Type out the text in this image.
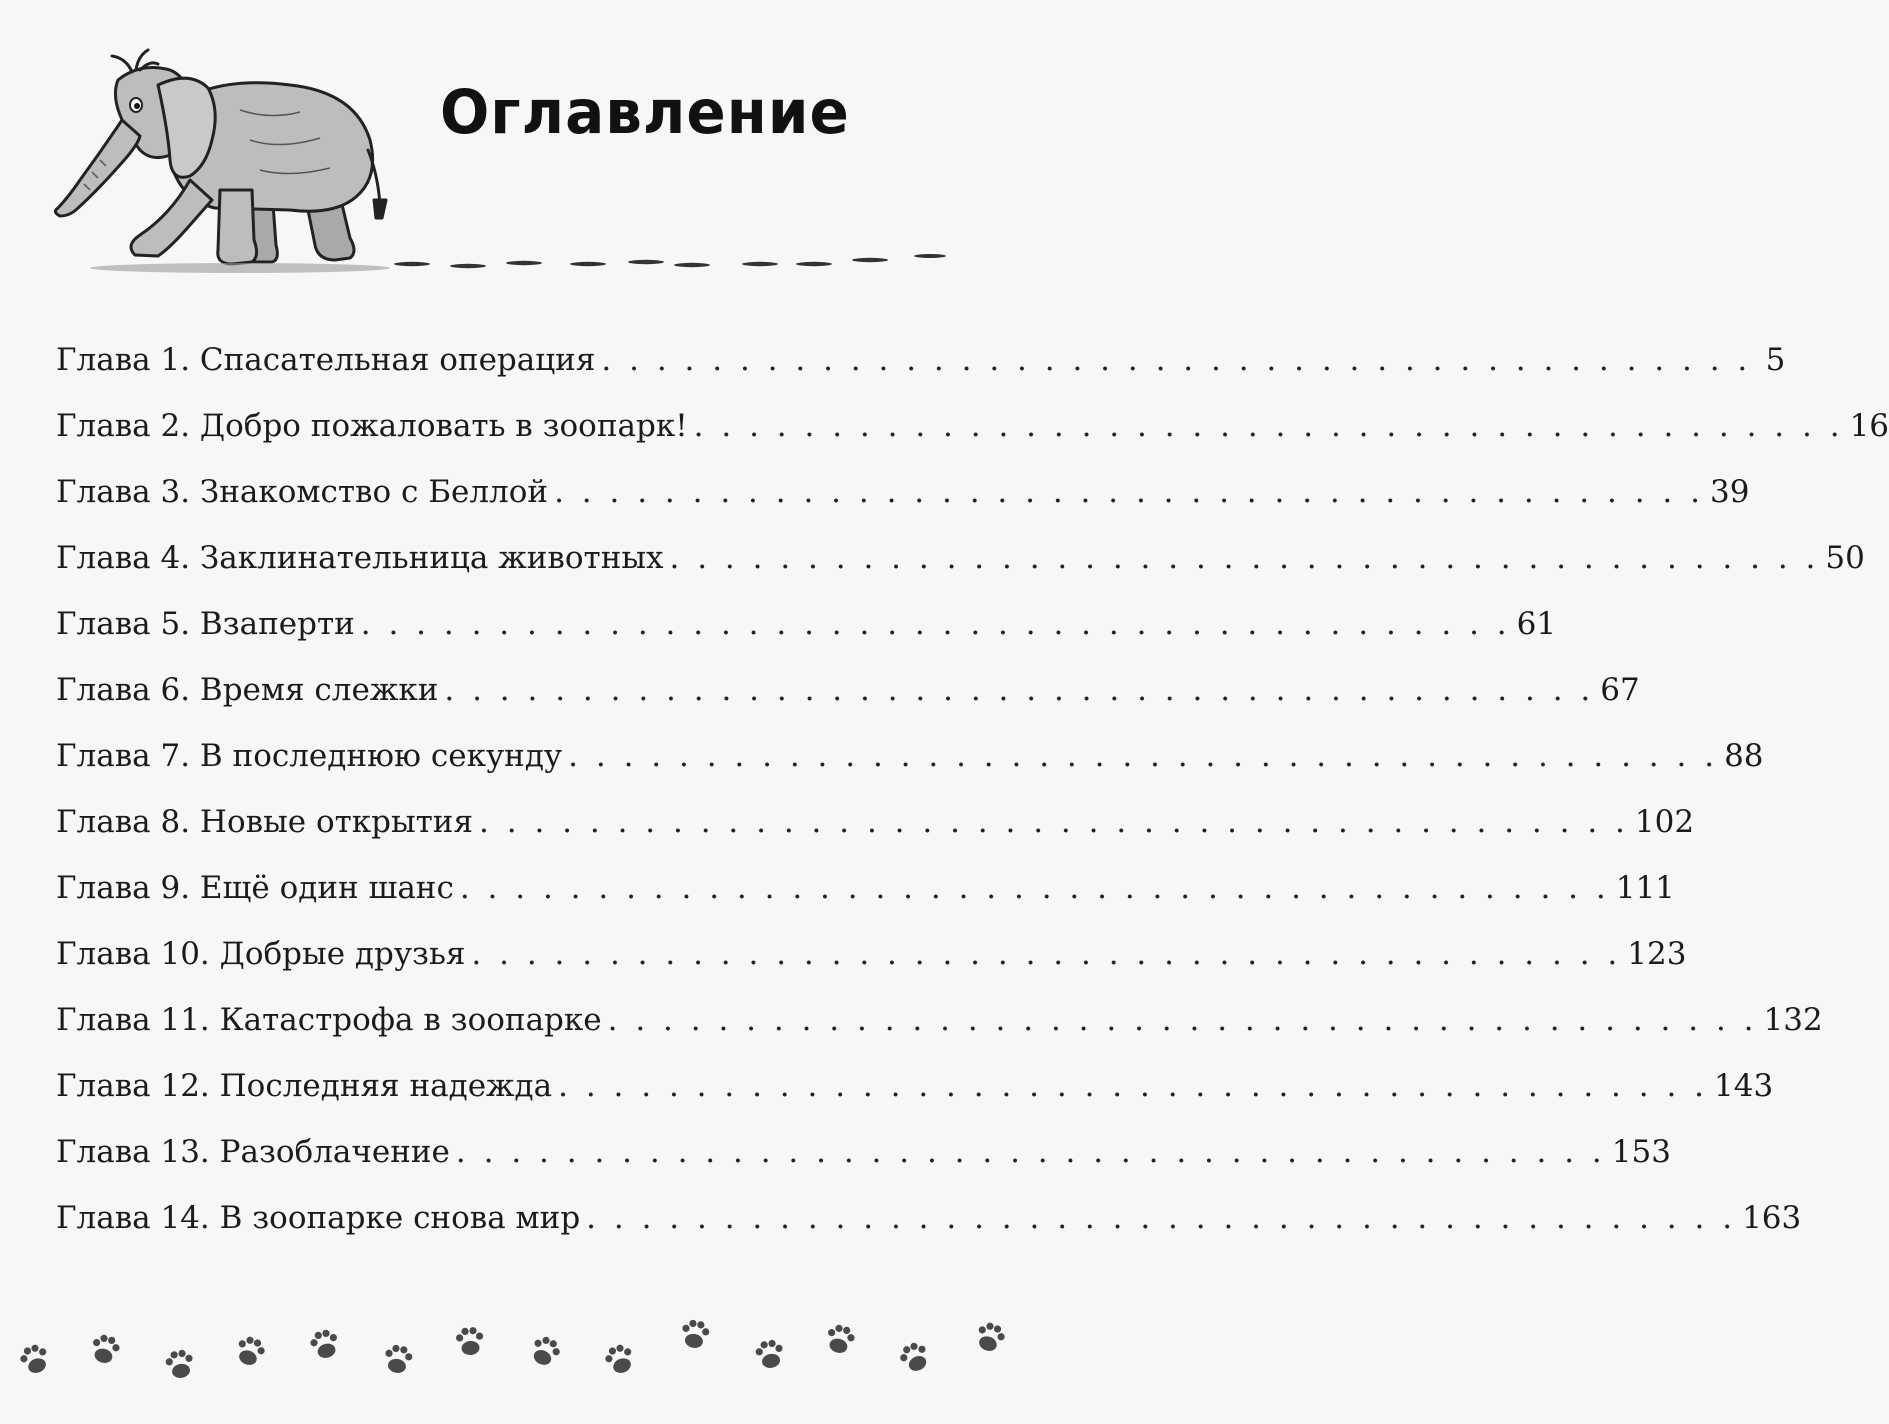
Оглавление
Глава 1. Спасательная операция . . . . . . . . . . . . . . . . . . . . . . . . . . . . . . . . . . . . . . . . . . 5
Глава 2. Добро пожаловать в зоопарк! . . . . . . . . . . . . . . . . . . . . . . . . . . . . . . . . . . . . . . . . . . 16
Глава 3. Знакомство с Беллой . . . . . . . . . . . . . . . . . . . . . . . . . . . . . . . . . . . . . . . . . . 39
Глава 4. Заклинательница животных . . . . . . . . . . . . . . . . . . . . . . . . . . . . . . . . . . . . . . . . . . 50
Глава 5. Взаперти . . . . . . . . . . . . . . . . . . . . . . . . . . . . . . . . . . . . . . . . . . 61
Глава 6. Время слежки . . . . . . . . . . . . . . . . . . . . . . . . . . . . . . . . . . . . . . . . . . 67
Глава 7. В последнюю секунду . . . . . . . . . . . . . . . . . . . . . . . . . . . . . . . . . . . . . . . . . . 88
Глава 8. Новые открытия . . . . . . . . . . . . . . . . . . . . . . . . . . . . . . . . . . . . . . . . . . 102
Глава 9. Ещё один шанс . . . . . . . . . . . . . . . . . . . . . . . . . . . . . . . . . . . . . . . . . . 111
Глава 10. Добрые друзья . . . . . . . . . . . . . . . . . . . . . . . . . . . . . . . . . . . . . . . . . . 123
Глава 11. Катастрофа в зоопарке . . . . . . . . . . . . . . . . . . . . . . . . . . . . . . . . . . . . . . . . . . 132
Глава 12. Последняя надежда . . . . . . . . . . . . . . . . . . . . . . . . . . . . . . . . . . . . . . . . . . 143
Глава 13. Разоблачение . . . . . . . . . . . . . . . . . . . . . . . . . . . . . . . . . . . . . . . . . . 153
Глава 14. В зоопарке снова мир . . . . . . . . . . . . . . . . . . . . . . . . . . . . . . . . . . . . . . . . . . 163
